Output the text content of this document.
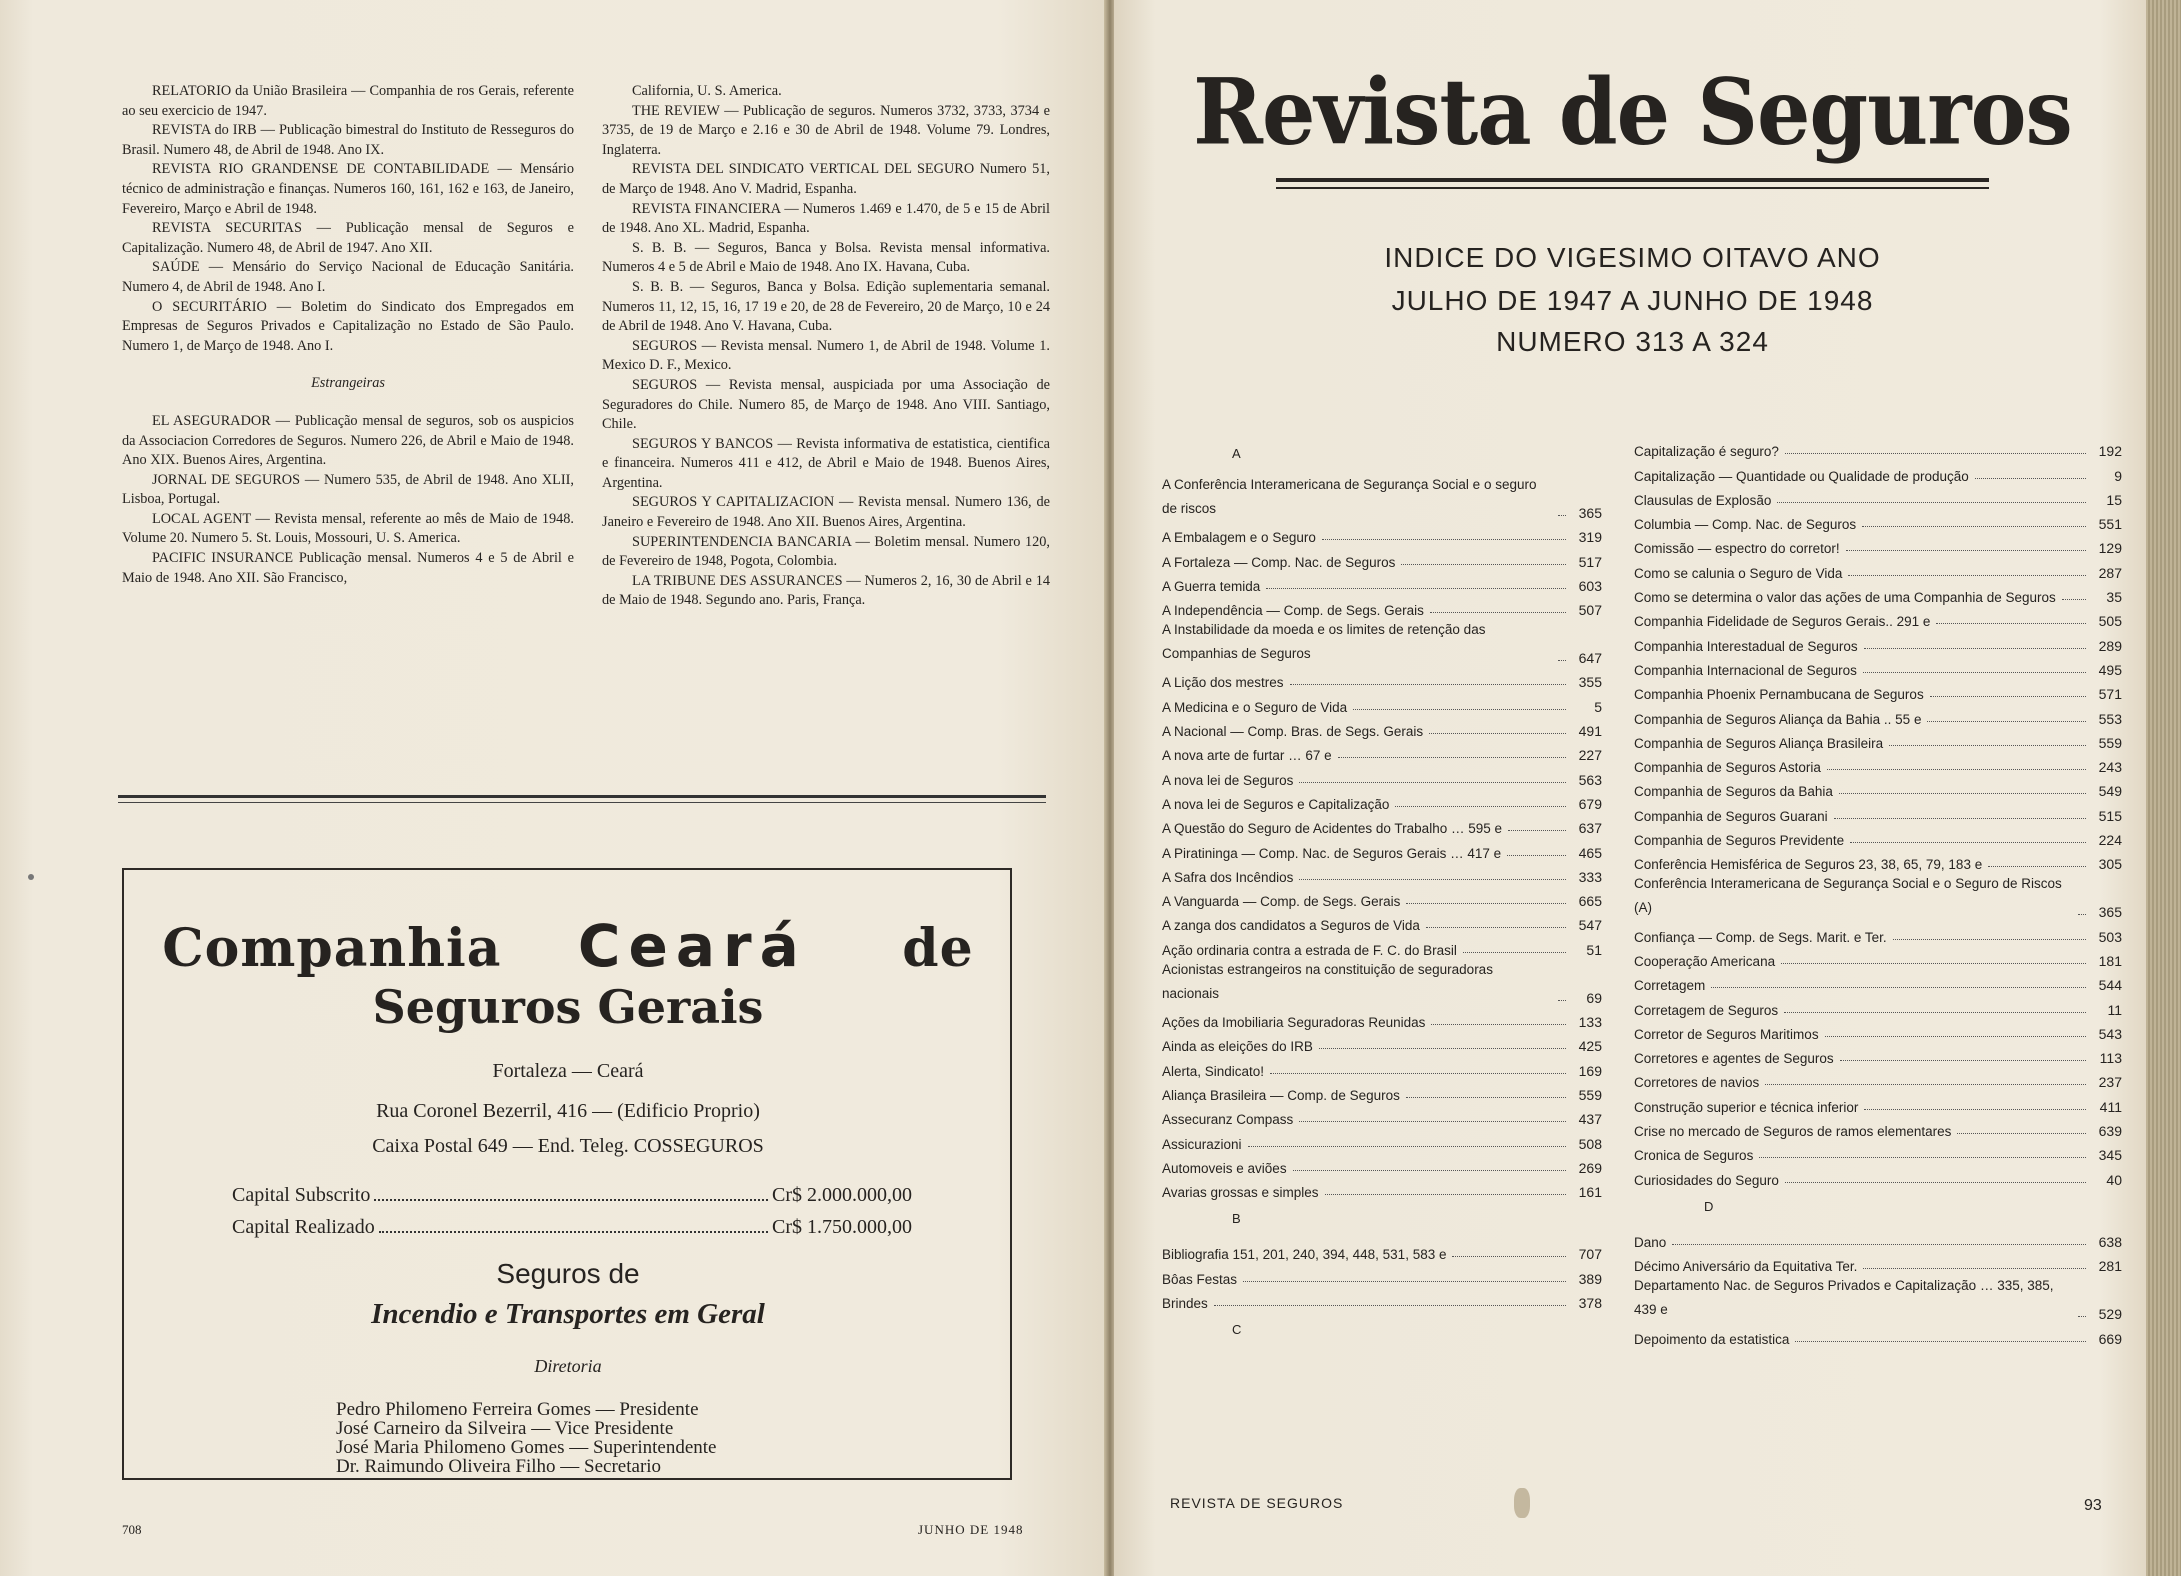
RELATORIO da União Brasileira — Companhia de ros Gerais, referente ao seu exercicio de 1947.

REVISTA do IRB — Publicação bimestral do Instituto de Resseguros do Brasil. Numero 48, de Abril de 1948. Ano IX.

REVISTA RIO GRANDENSE DE CONTABILIDADE — Mensário técnico de administração e finanças. Numeros 160, 161, 162 e 163, de Janeiro, Fevereiro, Março e Abril de 1948.

REVISTA SECURITAS — Publicação mensal de Seguros e Capitalização. Numero 48, de Abril de 1947. Ano XII.

SAÚDE — Mensário do Serviço Nacional de Educação Sanitária. Numero 4, de Abril de 1948. Ano I.

O SECURITÁRIO — Boletim do Sindicato dos Empregados em Empresas de Seguros Privados e Capitalização no Estado de São Paulo. Numero 1, de Março de 1948. Ano I.

Estrangeiras

EL ASEGURADOR — Publicação mensal de seguros, sob os auspicios da Associacion Corredores de Seguros. Numero 226, de Abril e Maio de 1948. Ano XIX. Buenos Aires, Argentina.

JORNAL DE SEGUROS — Numero 535, de Abril de 1948. Ano XLII, Lisboa, Portugal.

LOCAL AGENT — Revista mensal, referente ao mês de Maio de 1948. Volume 20. Numero 5. St. Louis, Mossouri, U. S. America.

PACIFIC INSURANCE Publicação mensal. Numeros 4 e 5 de Abril e Maio de 1948. Ano XII. São Francisco,

California, U. S. America.

THE REVIEW — Publicação de seguros. Numeros 3732, 3733, 3734 e 3735, de 19 de Março e 2.16 e 30 de Abril de 1948. Volume 79. Londres, Inglaterra.

REVISTA DEL SINDICATO VERTICAL DEL SEGURO Numero 51, de Março de 1948. Ano V. Madrid, Espanha.

REVISTA FINANCIERA — Numeros 1.469 e 1.470, de 5 e 15 de Abril de 1948. Ano XL. Madrid, Espanha.

S. B. B. — Seguros, Banca y Bolsa. Revista mensal informativa. Numeros 4 e 5 de Abril e Maio de 1948. Ano IX. Havana, Cuba.

S. B. B. — Seguros, Banca y Bolsa. Edição suplementaria semanal. Numeros 11, 12, 15, 16, 17 19 e 20, de 28 de Fevereiro, 20 de Março, 10 e 24 de Abril de 1948. Ano V. Havana, Cuba.

SEGUROS — Revista mensal. Numero 1, de Abril de 1948. Volume 1. Mexico D. F., Mexico.

SEGUROS — Revista mensal, auspiciada por uma Associação de Seguradores do Chile. Numero 85, de Março de 1948. Ano VIII. Santiago, Chile.

SEGUROS Y BANCOS — Revista informativa de estatistica, cientifica e financeira. Numeros 411 e 412, de Abril e Maio de 1948. Buenos Aires, Argentina.

SEGUROS Y CAPITALIZACION — Revista mensal. Numero 136, de Janeiro e Fevereiro de 1948. Ano XII. Buenos Aires, Argentina.

SUPERINTENDENCIA BANCARIA — Boletim mensal. Numero 120, de Fevereiro de 1948, Pogota, Colombia.

LA TRIBUNE DES ASSURANCES — Numeros 2, 16, 30 de Abril e 14 de Maio de 1948. Segundo ano. Paris, França.

Companhia Ceará de
Seguros Gerais
Fortaleza — Ceará
Rua Coronel Bezerril, 416 — (Edificio Proprio)
Caixa Postal 649 — End. Teleg. COSSEGUROS
Capital Subscrito	Cr$ 2.000.000,00
Capital Realizado	Cr$ 1.750.000,00
Seguros de
Incendio e Transportes em Geral
Diretoria
Pedro Philomeno Ferreira Gomes — Presidente
José Carneiro da Silveira — Vice Presidente
José Maria Philomeno Gomes — Superintendente
Dr. Raimundo Oliveira Filho — Secretario
708	JUNHO DE 1948
Revista de Seguros
INDICE DO VIGESIMO OITAVO ANO
JULHO DE 1947 A JUNHO DE 1948
NUMERO 313 A 324
A
A Conferência Interamericana de Segurança Social e o seguro de riscos	365
A Embalagem e o Seguro	319
A Fortaleza — Comp. Nac. de Seguros	517
A Guerra temida	603
A Independência — Comp. de Segs. Gerais	507
A Instabilidade da moeda e os limites de retenção das Companhias de Seguros	647
A Lição dos mestres	355
A Medicina e o Seguro de Vida	5
A Nacional — Comp. Bras. de Segs. Gerais	491
A nova arte de furtar … 67 e	227
A nova lei de Seguros	563
A nova lei de Seguros e Capitalização	679
A Questão do Seguro de Acidentes do Trabalho … 595 e	637
A Piratininga — Comp. Nac. de Seguros Gerais … 417 e	465
A Safra dos Incêndios	333
A Vanguarda — Comp. de Segs. Gerais	665
A zanga dos candidatos a Seguros de Vida	547
Ação ordinaria contra a estrada de F. C. do Brasil	51
Acionistas estrangeiros na constituição de seguradoras nacionais	69
Ações da Imobiliaria Seguradoras Reunidas	133
Ainda as eleições do IRB	425
Alerta, Sindicato!	169
Aliança Brasileira — Comp. de Seguros	559
Assecuranz Compass	437
Assicurazioni	508
Automoveis e aviões	269
Avarias grossas e simples	161
B
Bibliografia 151, 201, 240, 394, 448, 531, 583 e	707
Bôas Festas	389
Brindes	378
C
Capitalização é seguro?	192
Capitalização — Quantidade ou Qualidade de produção	9
Clausulas de Explosão	15
Columbia — Comp. Nac. de Seguros	551
Comissão — espectro do corretor!	129
Como se calunia o Seguro de Vida	287
Como se determina o valor das ações de uma Companhia de Seguros	35
Companhia Fidelidade de Seguros Gerais.. 291 e	505
Companhia Interestadual de Seguros	289
Companhia Internacional de Seguros	495
Companhia Phoenix Pernambucana de Seguros	571
Companhia de Seguros Aliança da Bahia .. 55 e	553
Companhia de Seguros Aliança Brasileira	559
Companhia de Seguros Astoria	243
Companhia de Seguros da Bahia	549
Companhia de Seguros Guarani	515
Companhia de Seguros Previdente	224
Conferência Hemisférica de Seguros 23, 38, 65, 79, 183 e	305
Conferência Interamericana de Segurança Social e o Seguro de Riscos (A)	365
Confiança — Comp. de Segs. Marit. e Ter.	503
Cooperação Americana	181
Corretagem	544
Corretagem de Seguros	11
Corretor de Seguros Maritimos	543
Corretores e agentes de Seguros	113
Corretores de navios	237
Construção superior e técnica inferior	411
Crise no mercado de Seguros de ramos elementares	639
Cronica de Seguros	345
Curiosidades do Seguro	40
D
Dano	638
Décimo Aniversário da Equitativa Ter.	281
Departamento Nac. de Seguros Privados e Capitalização … 335, 385, 439 e	529
Depoimento da estatistica	669
REVISTA DE SEGUROS	93
